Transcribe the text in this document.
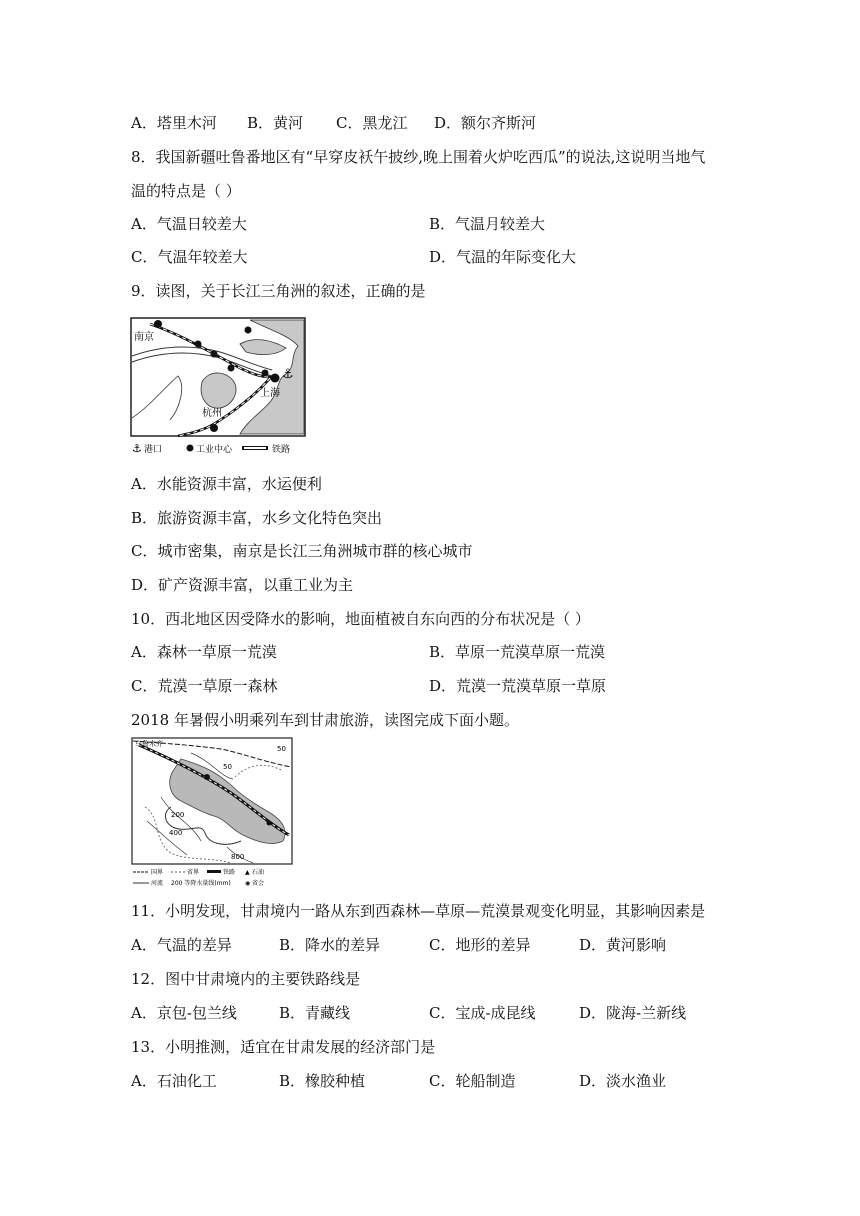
A．塔里木河 B．黄河 C．黑龙江 D．额尔齐斯河
8．我国新疆吐鲁番地区有“早穿皮袄午披纱,晚上围着火炉吃西瓜”的说法,这说明当地气
温的特点是（ ）
A．气温日较差大	B．气温月较差大
C．气温年较差大	D．气温的年际变化大
9．读图，关于长江三角洲的叙述，正确的是
⚓
南京
上海
杭州
⚓ 港口	工业中心	铁路
A．水能资源丰富，水运便利
B．旅游资源丰富，水乡文化特色突出
C．城市密集，南京是长江三角洲城市群的核心城市
D．矿产资源丰富，以重工业为主
10．西北地区因受降水的影响，地面植被自东向西的分布状况是（ ）
A．森林一草原一荒漠	B．草原一荒漠草原一荒漠
C．荒漠一草原一森林	D．荒漠一荒漠草原一草原
2018 年暑假小明乘列车到甘肃旅游，读图完成下面小题。
乌鲁木齐
50
200
400
800
50
国界	省界	铁路 ▲ 石油
河流 200 等降水量线(mm) ◉ 省会
11．小明发现，甘肃境内一路从东到西森林—草原—荒漠景观变化明显，其影响因素是
A．气温的差异	B．降水的差异	C．地形的差异	D．黄河影响
12．图中甘肃境内的主要铁路线是
A．京包-包兰线	B．青藏线	C．宝成-成昆线	D．陇海-兰新线
13．小明推测，适宜在甘肃发展的经济部门是
A．石油化工	B．橡胶种植	C．轮船制造	D．淡水渔业
